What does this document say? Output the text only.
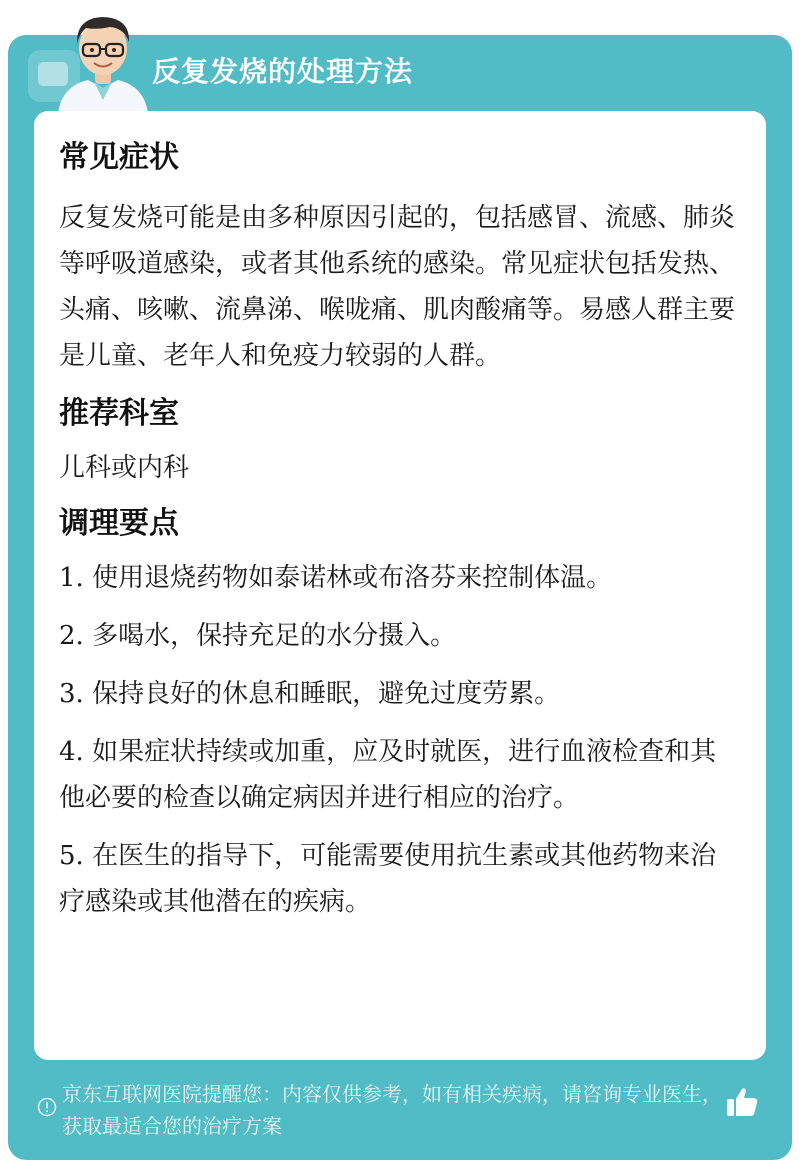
反复发烧的处理方法
常见症状

反复发烧可能是由多种原因引起的，包括感冒、流感、肺炎等呼吸道感染，或者其他系统的感染。常见症状包括发热、头痛、咳嗽、流鼻涕、喉咙痛、肌肉酸痛等。易感人群主要是儿童、老年人和免疫力较弱的人群。

推荐科室

儿科或内科

调理要点
1. 使用退烧药物如泰诺林或布洛芬来控制体温。
2. 多喝水，保持充足的水分摄入。
3. 保持良好的休息和睡眠，避免过度劳累。
4. 如果症状持续或加重，应及时就医，进行血液检查和其他必要的检查以确定病因并进行相应的治疗。
5. 在医生的指导下，可能需要使用抗生素或其他药物来治疗感染或其他潜在的疾病。
京东互联网医院提醒您：内容仅供参考，如有相关疾病，请咨询专业医生，获取最适合您的治疗方案
